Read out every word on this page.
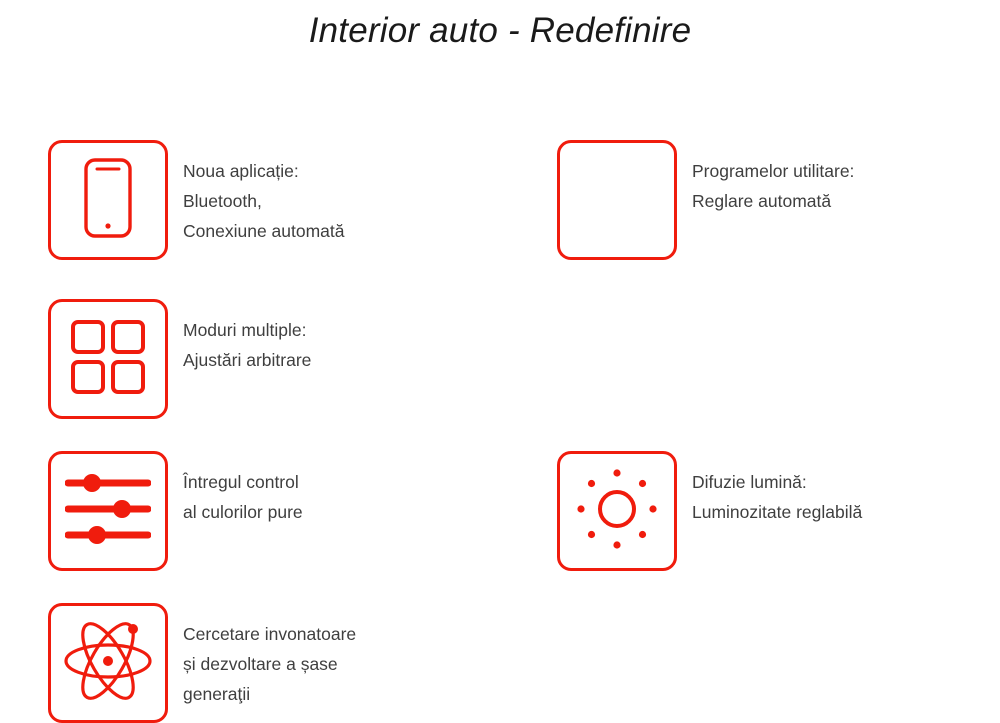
Interior auto - Redefinire
Noua aplicație:
Bluetooth,
Conexiune automată
Programelor utilitare:
Reglare automată
Moduri multiple:
Ajustări arbitrare
Întregul control
al culorilor pure
Difuzie lumină:
Luminozitate reglabilă
Cercetare invonatoare
și dezvoltare a șase
generaţii
